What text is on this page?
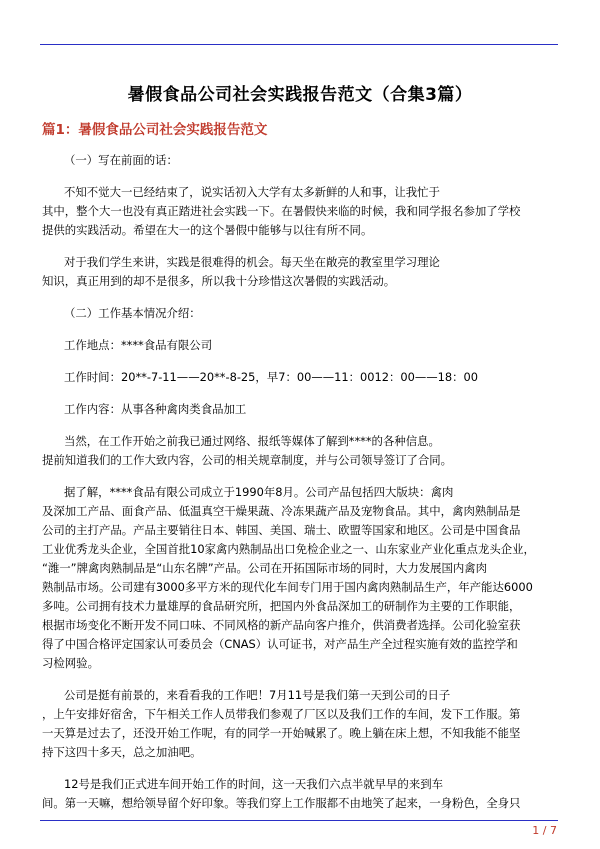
暑假食品公司社会实践报告范文（合集3篇）
篇1：暑假食品公司社会实践报告范文

（一）写在前面的话：

不知不觉大一已经结束了，说实话初入大学有太多新鲜的人和事，让我忙于
其中，整个大一也没有真正踏进社会实践一下。在暑假快来临的时候，我和同学报名参加了学校
提供的实践活动。希望在大一的这个暑假中能够与以往有所不同。

对于我们学生来讲，实践是很难得的机会。每天坐在敞亮的教室里学习理论
知识，真正用到的却不是很多，所以我十分珍惜这次暑假的实践活动。

（二）工作基本情况介绍：

工作地点：****食品有限公司

工作时间：20**-7-11——20**-8-25，早7：00——11：0012：00——18：00

工作内容：从事各种禽肉类食品加工

当然，在工作开始之前我已通过网络、报纸等媒体了解到****的各种信息。
提前知道我们的工作大致内容，公司的相关规章制度，并与公司领导签订了合同。

据了解，****食品有限公司成立于1990年8月。公司产品包括四大版块：禽肉
及深加工产品、面食产品、低温真空干燥果蔬、冷冻果蔬产品及宠物食品。其中，禽肉熟制品是
公司的主打产品。产品主要销往日本、韩国、美国、瑞士、欧盟等国家和地区。公司是中国食品
工业优秀龙头企业，全国首批10家禽内熟制品出口免检企业之一、山东家业产业化重点龙头企业，
“潍一”牌禽肉熟制品是“山东名牌”产品。公司在开拓国际市场的同时，大力发展国内禽肉
熟制品市场。公司建有3000多平方米的现代化车间专门用于国内禽肉熟制品生产，年产能达6000
多吨。公司拥有技术力量雄厚的食品研究所，把国内外食品深加工的研制作为主要的工作职能，
根据市场变化不断开发不同口味、不同风格的新产品向客户推介，供消费者选择。公司化验室获
得了中国合格评定国家认可委员会（CNAS）认可证书，对产品生产全过程实施有效的监控学和
习检网验。

公司是挺有前景的，来看看我的工作吧！7月11号是我们第一天到公司的日子
，上午安排好宿舍，下午相关工作人员带我们参观了厂区以及我们工作的车间，发下工作服。第
一天算是过去了，还没开始工作呢，有的同学一开始喊累了。晚上躺在床上想，不知我能不能坚
持下这四十多天，总之加油吧。

12号是我们正式进车间开始工作的时间，这一天我们六点半就早早的来到车
间。第一天嘛，想给领导留个好印象。等我们穿上工作服都不由地笑了起来，一身粉色，全身只

1 / 7
